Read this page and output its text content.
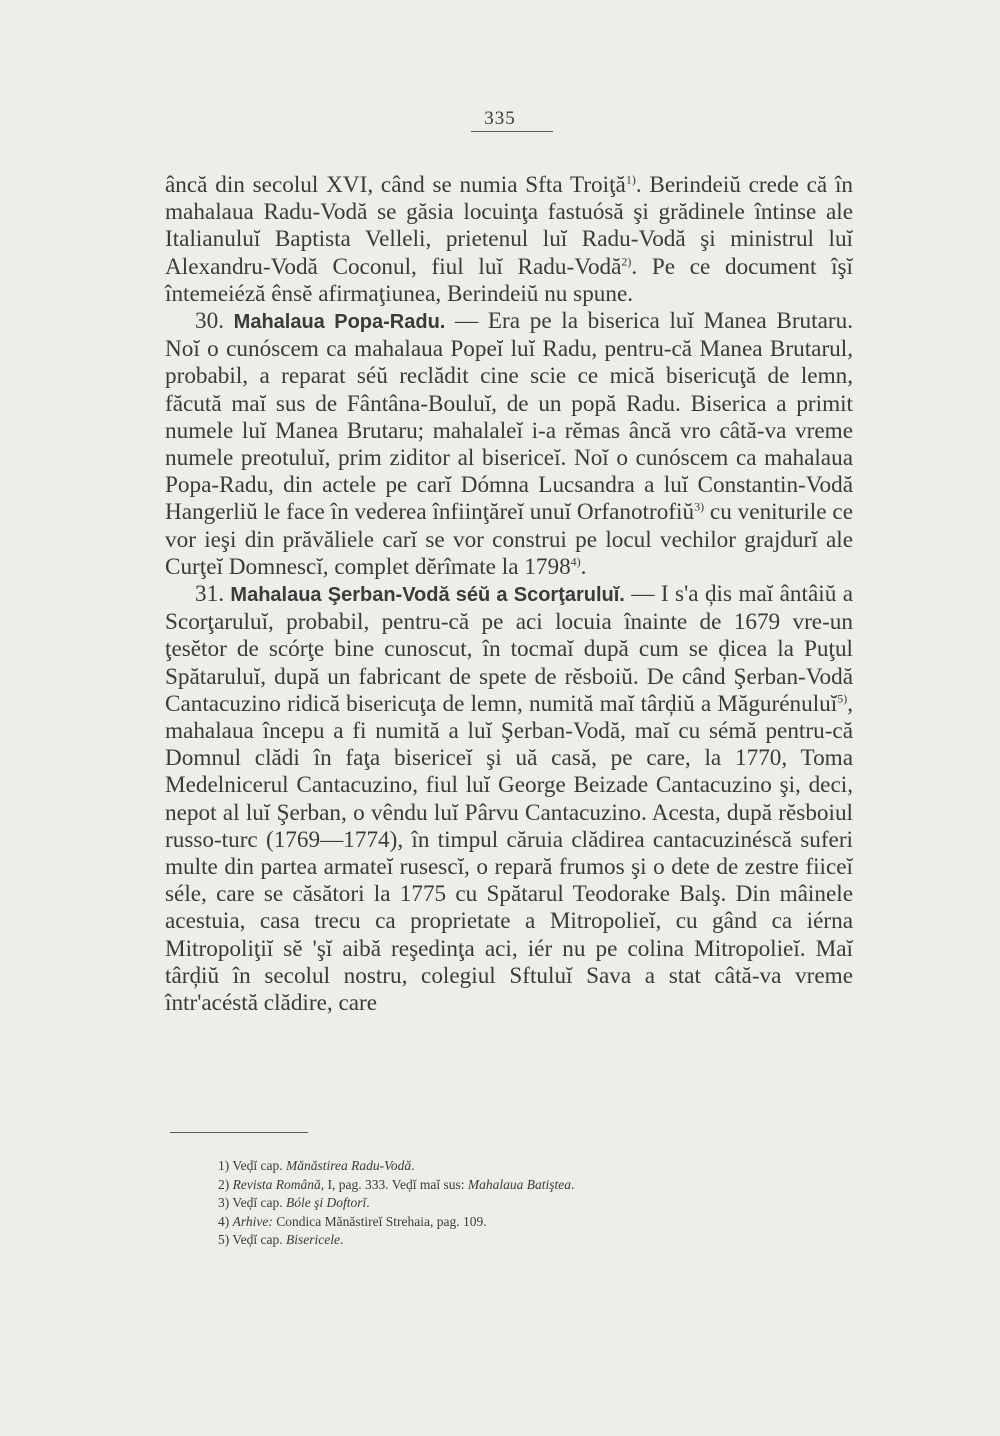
335

âncă din secolul XVI, când se numia Sfta Troiţă$^{1)}$. Berindeiŭ crede că în mahalaua Radu-Vodă se găsia locuinţa fastuósă şi grădinele întinse ale Italianuluĭ Baptista Velleli, prietenul luĭ Radu-Vodă şi ministrul luĭ Alexandru-Vodă Coconul, fiul luĭ Radu-Vodă$^{2)}$. Pe ce document îşĭ întemeiéză ênsĕ afirmaţiunea, Berindeiŭ nu spune.

30. Mahalaua Popa-Radu. — Era pe la biserica luĭ Manea Brutaru. Noĭ o cunóscem ca mahalaua Popeĭ luĭ Radu, pentru-că Manea Brutarul, probabil, a reparat séŭ reclădit cine scie ce mică bisericuţă de lemn, făcută maĭ sus de Fântâna-Bouluĭ, de un popă Radu. Biserica a primit numele luĭ Manea Brutaru; mahalaleĭ i-a rĕmas âncă vro câtă-va vreme numele preotuluĭ, prim ziditor al bisericeĭ. Noĭ o cunóscem ca mahalaua Popa-Radu, din actele pe carĭ Dómna Lucsandra a luĭ Constantin-Vodă Hangerliŭ le face în vederea înfiinţăreĭ unuĭ Orfanotrofiŭ$^{3)}$ cu veniturile ce vor ieşi din prăvăliele carĭ se vor construi pe locul vechilor grajdurĭ ale Curţeĭ Domnescĭ, complet dĕrîmate la 1798$^{4)}$.

31. Mahalaua Şerban-Vodă séŭ a Scorţaruluĭ. — I s'a ḑis maĭ ântâiŭ a Scorţaruluĭ, probabil, pentru-că pe aci locuia înainte de 1679 vre-un ţesĕtor de scórţe bine cunoscut, în tocmaĭ după cum se ḑicea la Puţul Spătaruluĭ, după un fabricant de spete de rĕsboiŭ. De când Şerban-Vodă Cantacuzino ridică bisericuţa de lemn, numită maĭ târḑiŭ a Măgurénuluĭ$^{5)}$, mahalaua începu a fi numită a luĭ Şerban-Vodă, maĭ cu sémă pentru-că Domnul clădi în faţa bisericeĭ şi uă casă, pe care, la 1770, Toma Medelnicerul Cantacuzino, fiul luĭ George Beizade Cantacuzino şi, deci, nepot al luĭ Şerban, o vêndu luĭ Pârvu Cantacuzino. Acesta, după rĕsboiul russo-turc (1769—1774), în timpul căruia clădirea cantacuzinéscă suferi multe din partea armateĭ rusescĭ, o repară frumos şi o dete de zestre fiiceĭ séle, care se căsători la 1775 cu Spătarul Teodorake Balş. Din mâinele acestuia, casa trecu ca proprietate a Mitropolieĭ, cu gând ca iérna Mitropoliţiĭ sĕ 'şĭ aibă reşedinţa aci, iér nu pe colina Mitropolieĭ. Maĭ târḑiŭ în secolul nostru, colegiul Sftuluĭ Sava a stat câtă-va vreme într'acéstă clădire, care

1) Veḑĭ cap. Mănăstirea Radu-Vodă.
2) Revista Română, I, pag. 333. Veḑĭ maĭ sus: Mahalaua Batiştea.
3) Veḑĭ cap. Bóle şi Doftorĭ.
4) Arhive: Condica Mănăstireĭ Strehaia, pag. 109.
5) Veḑĭ cap. Bisericele.
